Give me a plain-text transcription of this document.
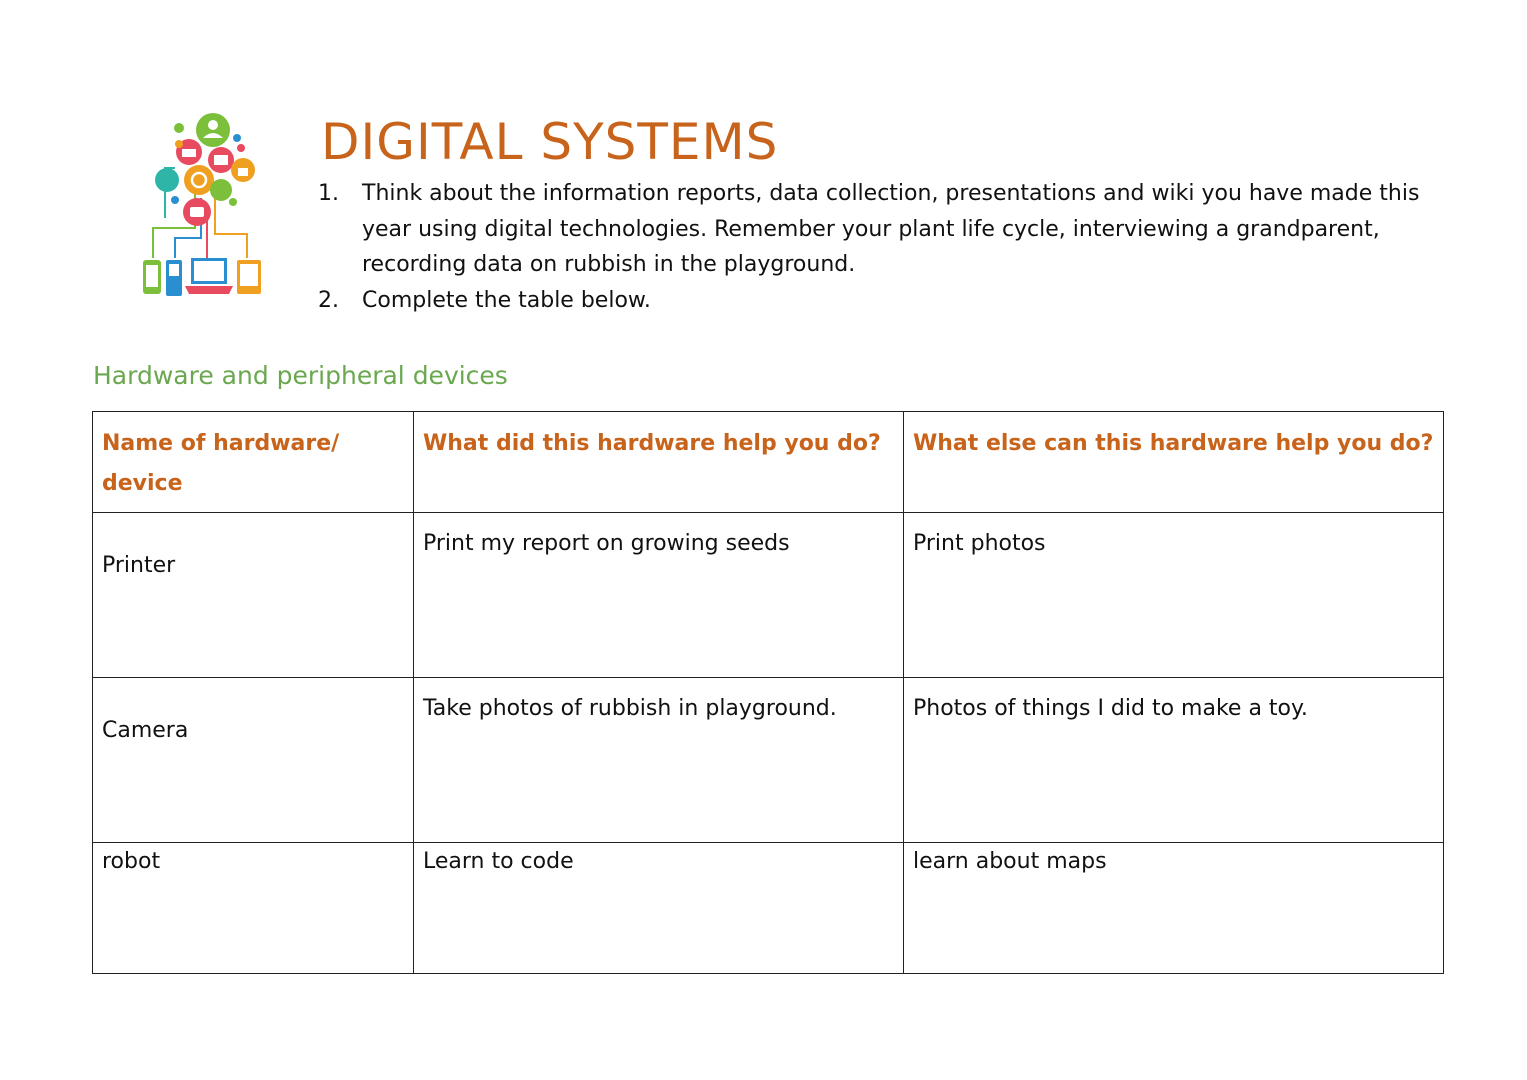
DIGITAL SYSTEMS
1.	Think about the information reports, data collection, presentations and wiki you have made this year using digital technologies. Remember your plant life cycle, interviewing a grandparent, recording data on rubbish in the playground.
2.	Complete the table below.
Hardware and peripheral devices
Name of hardware/ device	What did this hardware help you do?	What else can this hardware help you do?
Printer	Print my report on growing seeds	Print photos
Camera	Take photos of rubbish in playground.	Photos of things I did to make a toy.
robot	Learn to code	learn about maps
